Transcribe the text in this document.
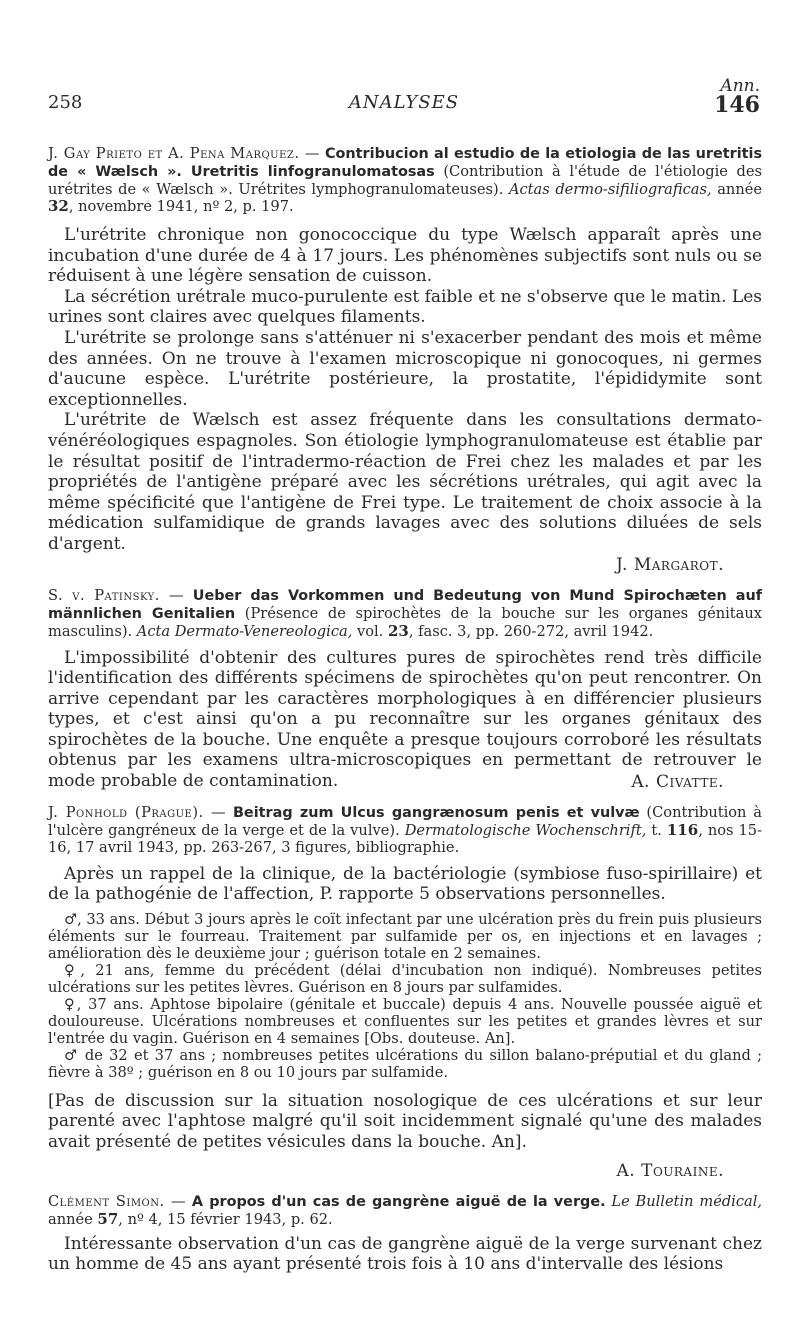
Ann.
258	ANALYSES	146

J. Gay Prieto et A. Pena Marquez. — Contribucion al estudio de la etiologia de las uretritis de « Wælsch ». Uretritis linfogranulomatosas (Contribution à l'étude de l'étiologie des urétrites de « Wælsch ». Urétrites lymphogranulomateuses). Actas dermo-sifiliograficas, année 32, novembre 1941, nº 2, p. 197.

L'urétrite chronique non gonococcique du type Wælsch apparaît après une incubation d'une durée de 4 à 17 jours. Les phénomènes subjectifs sont nuls ou se réduisent à une légère sensation de cuisson.

La sécrétion urétrale muco-purulente est faible et ne s'observe que le matin. Les urines sont claires avec quelques filaments.

L'urétrite se prolonge sans s'atténuer ni s'exacerber pendant des mois et même des années. On ne trouve à l'examen microscopique ni gonocoques, ni germes d'aucune espèce. L'urétrite postérieure, la prostatite, l'épididymite sont exceptionnelles.

L'urétrite de Wælsch est assez fréquente dans les consultations dermato-vénéréologiques espagnoles. Son étiologie lymphogranulomateuse est établie par le résultat positif de l'intradermo-réaction de Frei chez les malades et par les propriétés de l'antigène préparé avec les sécrétions urétrales, qui agit avec la même spécificité que l'antigène de Frei type. Le traitement de choix associe à la médication sulfamidique de grands lavages avec des solutions diluées de sels d'argent.

J. Margarot.

S. v. Patinsky. — Ueber das Vorkommen und Bedeutung von Mund Spirochæten auf männlichen Genitalien (Présence de spirochètes de la bouche sur les organes génitaux masculins). Acta Dermato-Venereologica, vol. 23, fasc. 3, pp. 260-272, avril 1942.

L'impossibilité d'obtenir des cultures pures de spirochètes rend très difficile l'identification des différents spécimens de spirochètes qu'on peut rencontrer. On arrive cependant par les caractères morphologiques à en différencier plusieurs types, et c'est ainsi qu'on a pu reconnaître sur les organes génitaux des spirochètes de la bouche. Une enquête a presque toujours corroboré les résultats obtenus par les examens ultra-microscopiques en permettant de retrouver le mode probable de contamination.	A. Civatte.

J. Ponhold (Prague). — Beitrag zum Ulcus gangrænosum penis et vulvæ (Contribution à l'ulcère gangréneux de la verge et de la vulve). Dermatologische Wochenschrift, t. 116, nos 15-16, 17 avril 1943, pp. 263-267, 3 figures, bibliographie.

Après un rappel de la clinique, de la bactériologie (symbiose fuso-spirillaire) et de la pathogénie de l'affection, P. rapporte 5 observations personnelles.

♂, 33 ans. Début 3 jours après le coït infectant par une ulcération près du frein puis plusieurs éléments sur le fourreau. Traitement par sulfamide per os, en injections et en lavages ; amélioration dès le deuxième jour ; guérison totale en 2 semaines.

♀, 21 ans, femme du précédent (délai d'incubation non indiqué). Nombreuses petites ulcérations sur les petites lèvres. Guérison en 8 jours par sulfamides.

♀, 37 ans. Aphtose bipolaire (génitale et buccale) depuis 4 ans. Nouvelle poussée aiguë et douloureuse. Ulcérations nombreuses et confluentes sur les petites et grandes lèvres et sur l'entrée du vagin. Guérison en 4 semaines [Obs. douteuse. An].

♂ de 32 et 37 ans ; nombreuses petites ulcérations du sillon balano-préputial et du gland ; fièvre à 38º ; guérison en 8 ou 10 jours par sulfamide.

[Pas de discussion sur la situation nosologique de ces ulcérations et sur leur parenté avec l'aphtose malgré qu'il soit incidemment signalé qu'une des malades avait présenté de petites vésicules dans la bouche. An].

A. Touraine.

Clément Simon. — A propos d'un cas de gangrène aiguë de la verge. Le Bulletin médical, année 57, nº 4, 15 février 1943, p. 62.

Intéressante observation d'un cas de gangrène aiguë de la verge survenant chez un homme de 45 ans ayant présenté trois fois à 10 ans d'intervalle des lésions
